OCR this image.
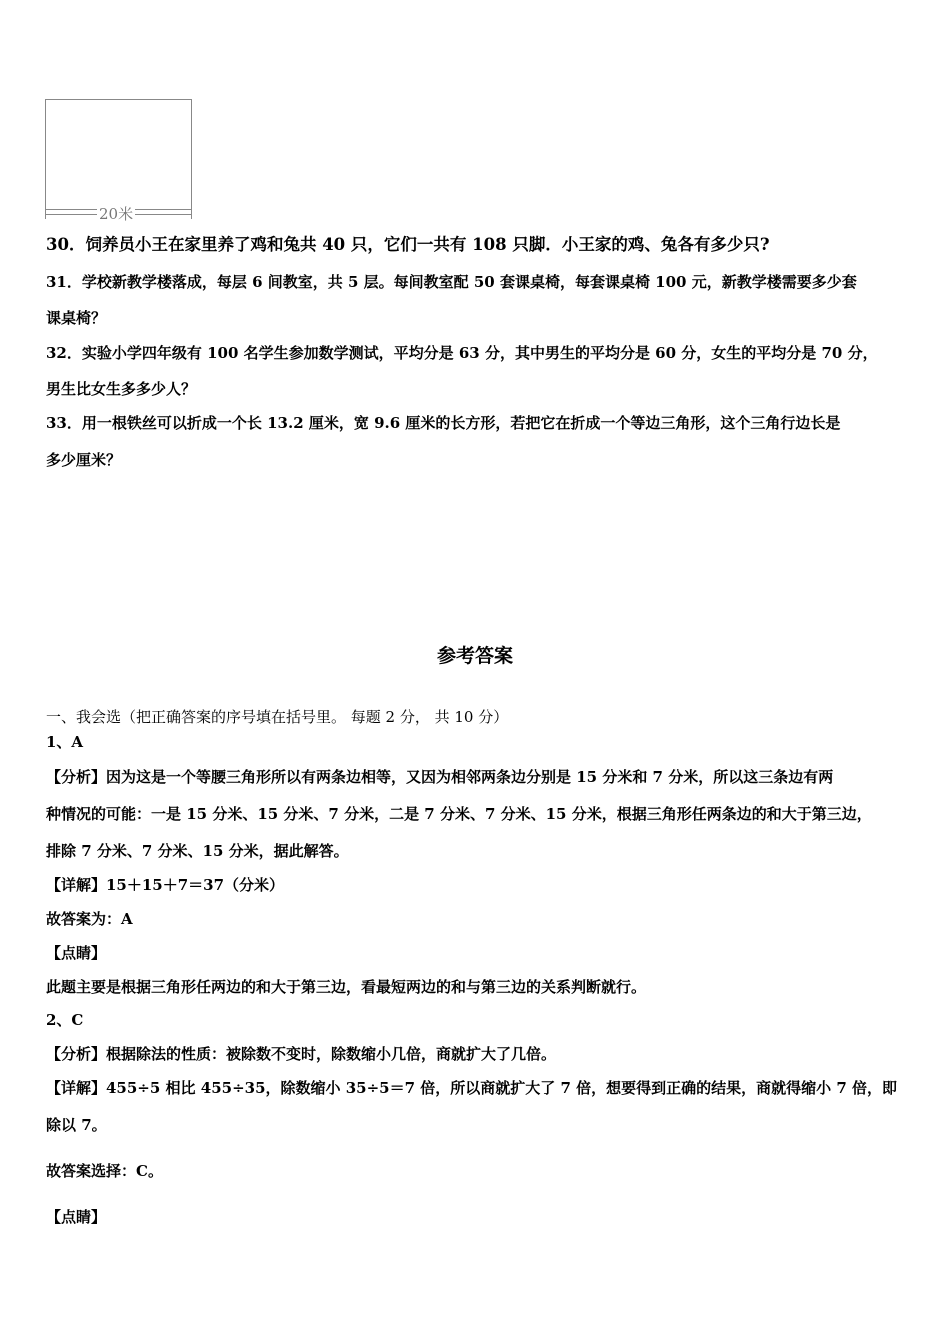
20米
30．饲养员小王在家里养了鸡和兔共 40 只，它们一共有 108 只脚．小王家的鸡、兔各有多少只?
31．学校新教学楼落成，每层 6 间教室，共 5 层。每间教室配 50 套课桌椅，每套课桌椅 100 元，新教学楼需要多少套
课桌椅？
32．实验小学四年级有 100 名学生参加数学测试，平均分是 63 分，其中男生的平均分是 60 分，女生的平均分是 70 分，
男生比女生多多少人？
33．用一根铁丝可以折成一个长 13.2 厘米，宽 9.6 厘米的长方形，若把它在折成一个等边三角形，这个三角行边长是
多少厘米？
参考答案
一、我会选（把正确答案的序号填在括号里。 每题 2 分， 共 10 分）
1、A
【分析】因为这是一个等腰三角形所以有两条边相等，又因为相邻两条边分别是 15 分米和 7 分米，所以这三条边有两
种情况的可能：一是 15 分米、15 分米、7 分米，二是 7 分米、7 分米、15 分米，根据三角形任两条边的和大于第三边，
排除 7 分米、7 分米、15 分米，据此解答。
【详解】15＋15＋7＝37（分米）
故答案为：A
【点睛】
此题主要是根据三角形任两边的和大于第三边，看最短两边的和与第三边的关系判断就行。
2、C
【分析】根据除法的性质：被除数不变时，除数缩小几倍，商就扩大了几倍。
【详解】455÷5 相比 455÷35，除数缩小 35÷5＝7 倍，所以商就扩大了 7 倍，想要得到正确的结果，商就得缩小 7 倍，即
除以 7。
故答案选择：C。
【点睛】
